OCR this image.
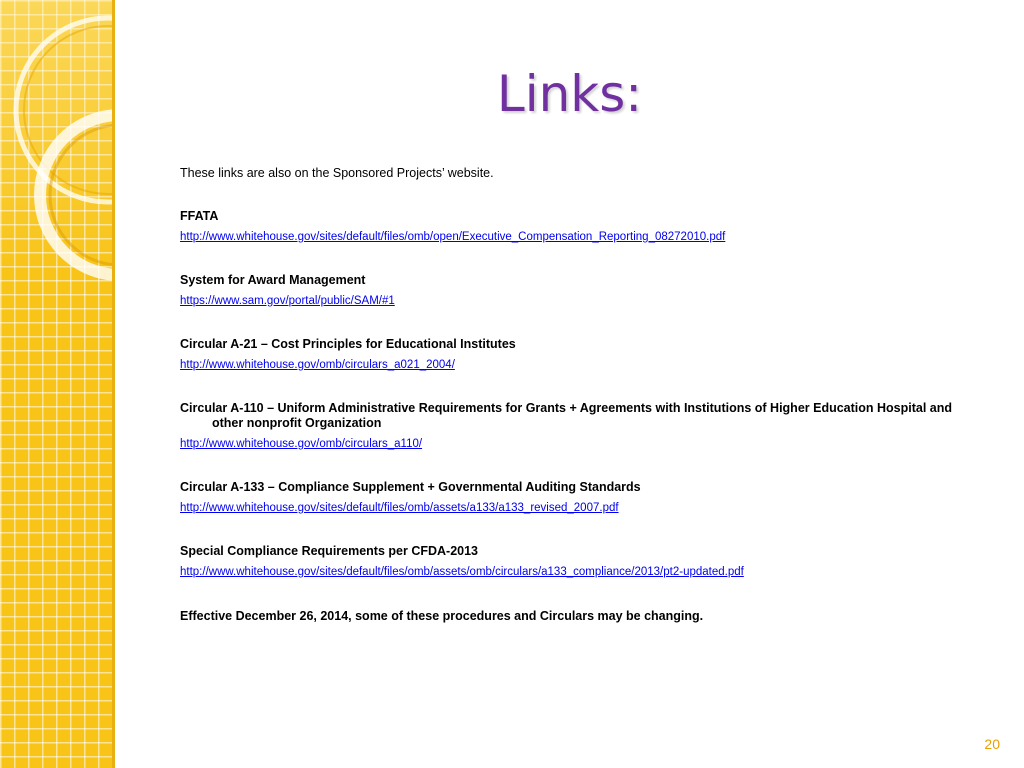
Links:

These links are also on the Sponsored Projects’ website.

FFATA

http://www.whitehouse.gov/sites/default/files/omb/open/Executive_Compensation_Reporting_08272010.pdf

System for Award Management

https://www.sam.gov/portal/public/SAM/#1

Circular A-21 – Cost Principles for Educational Institutes

http://www.whitehouse.gov/omb/circulars_a021_2004/

Circular A-110 – Uniform Administrative Requirements for Grants + Agreements with Institutions of Higher Education Hospital and other nonprofit Organization

http://www.whitehouse.gov/omb/circulars_a110/

Circular A-133 – Compliance Supplement + Governmental Auditing Standards

http://www.whitehouse.gov/sites/default/files/omb/assets/a133/a133_revised_2007.pdf

Special Compliance Requirements per CFDA-2013

http://www.whitehouse.gov/sites/default/files/omb/assets/omb/circulars/a133_compliance/2013/pt2-updated.pdf

Effective December 26, 2014, some of these procedures and Circulars may be changing.

20
